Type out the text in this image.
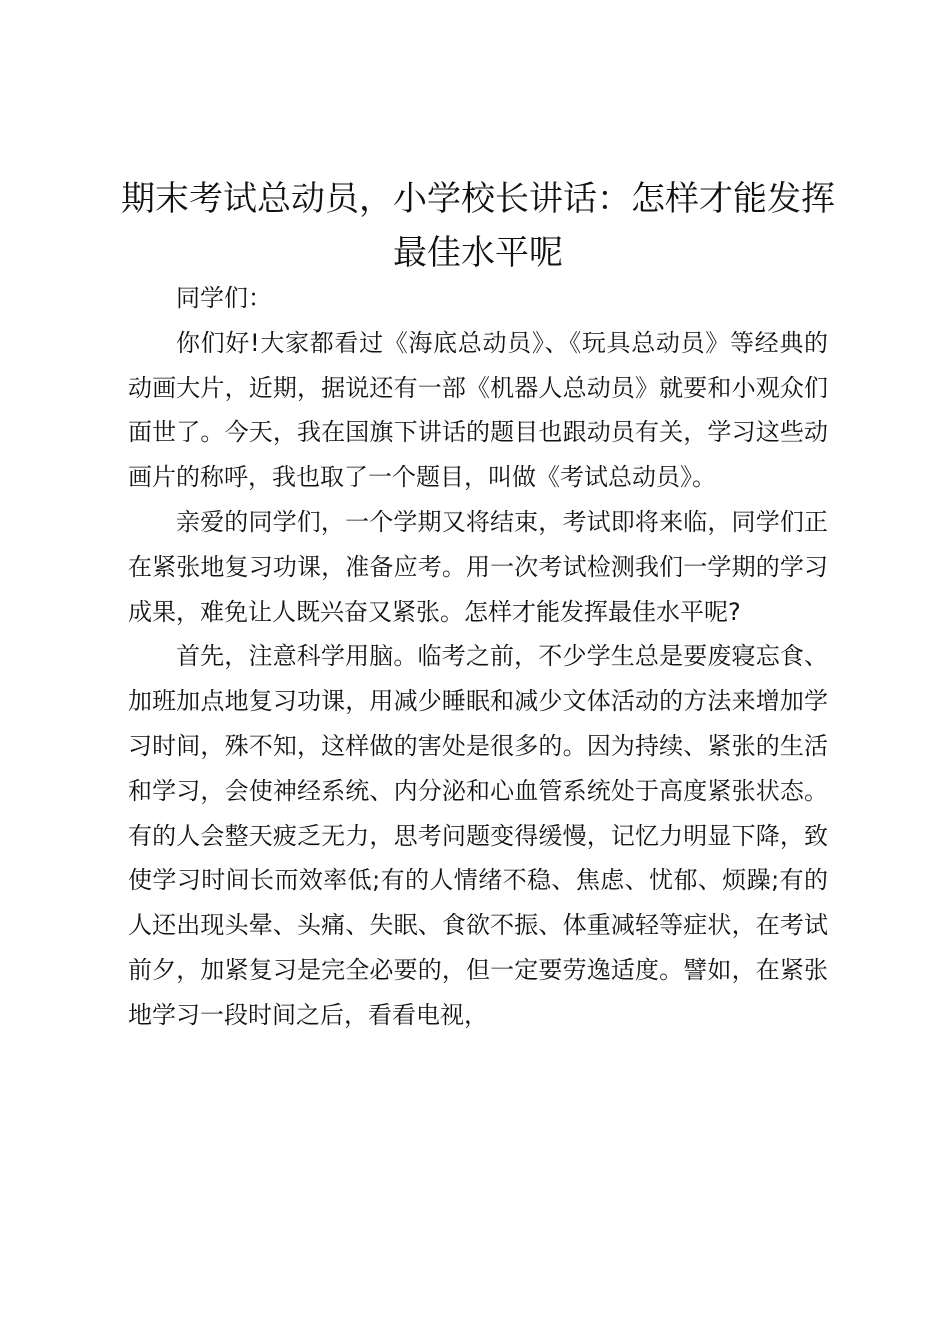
期末考试总动员，小学校长讲话：怎样才能发挥最佳水平呢

同学们：

你们好!大家都看过《海底总动员》、《玩具总动员》等经典的动画大片，近期，据说还有一部《机器人总动员》就要和小观众们面世了。今天，我在国旗下讲话的题目也跟动员有关，学习这些动画片的称呼，我也取了一个题目，叫做《考试总动员》。

亲爱的同学们，一个学期又将结束，考试即将来临，同学们正在紧张地复习功课，准备应考。用一次考试检测我们一学期的学习成果，难免让人既兴奋又紧张。怎样才能发挥最佳水平呢?

首先，注意科学用脑。临考之前，不少学生总是要废寝忘食、加班加点地复习功课，用减少睡眠和减少文体活动的方法来增加学习时间，殊不知，这样做的害处是很多的。因为持续、紧张的生活和学习，会使神经系统、内分泌和心血管系统处于高度紧张状态。有的人会整天疲乏无力，思考问题变得缓慢，记忆力明显下降，致使学习时间长而效率低;有的人情绪不稳、焦虑、忧郁、烦躁;有的人还出现头晕、头痛、失眠、食欲不振、体重减轻等症状，在考试前夕，加紧复习是完全必要的，但一定要劳逸适度。譬如，在紧张地学习一段时间之后，看看电视，
